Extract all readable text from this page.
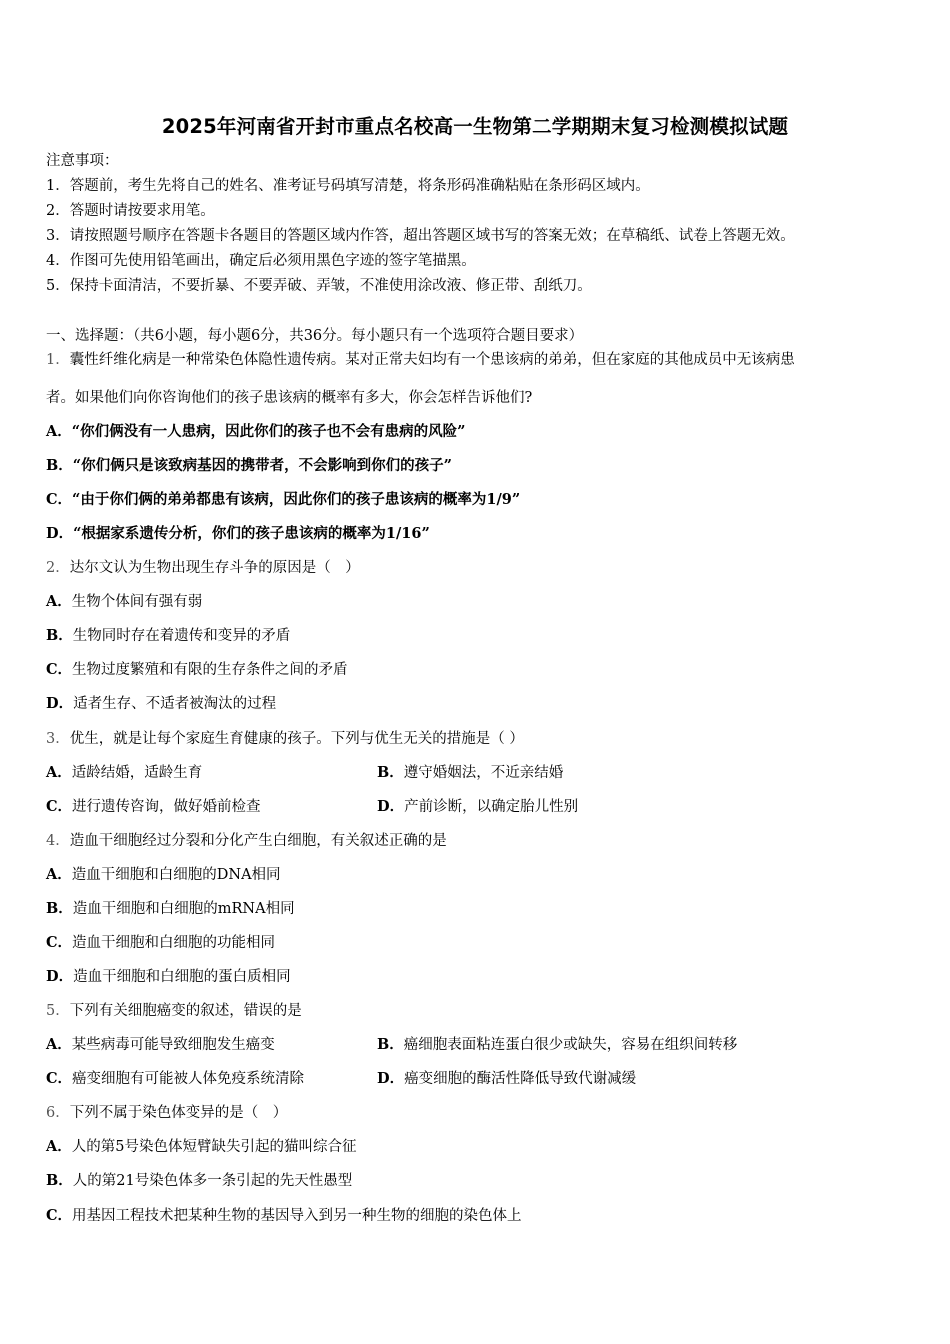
2025年河南省开封市重点名校高一生物第二学期期末复习检测模拟试题
注意事项：
1．答题前，考生先将自己的姓名、准考证号码填写清楚，将条形码准确粘贴在条形码区域内。
2．答题时请按要求用笔。
3．请按照题号顺序在答题卡各题目的答题区域内作答，超出答题区域书写的答案无效；在草稿纸、试卷上答题无效。
4．作图可先使用铅笔画出，确定后必须用黑色字迹的签字笔描黑。
5．保持卡面清洁，不要折暴、不要弄破、弄皱，不准使用涂改液、修正带、刮纸刀。
一、选择题：（共6小题，每小题6分，共36分。每小题只有一个选项符合题目要求）
1．囊性纤维化病是一种常染色体隐性遗传病。某对正常夫妇均有一个患该病的弟弟，但在家庭的其他成员中无该病患
者。如果他们向你咨询他们的孩子患该病的概率有多大，你会怎样告诉他们?
A．“你们俩没有一人患病，因此你们的孩子也不会有患病的风险”
B．“你们俩只是该致病基因的携带者，不会影响到你们的孩子”
C．“由于你们俩的弟弟都患有该病，因此你们的孩子患该病的概率为1/9”
D．“根据家系遗传分析，你们的孩子患该病的概率为1/16”
2．达尔文认为生物出现生存斗争的原因是（　）
A．生物个体间有强有弱
B．生物同时存在着遗传和变异的矛盾
C．生物过度繁殖和有限的生存条件之间的矛盾
D．适者生存、不适者被淘汰的过程
3．优生，就是让每个家庭生育健康的孩子。下列与优生无关的措施是（ ）
A．适龄结婚，适龄生育	B．遵守婚姻法，不近亲结婚
C．进行遗传咨询，做好婚前检查	D．产前诊断，以确定胎儿性别
4．造血干细胞经过分裂和分化产生白细胞，有关叙述正确的是
A．造血干细胞和白细胞的DNA相同
B．造血干细胞和白细胞的mRNA相同
C．造血干细胞和白细胞的功能相同
D．造血干细胞和白细胞的蛋白质相同
5．下列有关细胞癌变的叙述，错误的是
A．某些病毒可能导致细胞发生癌变	B．癌细胞表面粘连蛋白很少或缺失，容易在组织间转移
C．癌变细胞有可能被人体免疫系统清除	D．癌变细胞的酶活性降低导致代谢减缓
6．下列不属于染色体变异的是（　）
A．人的第5号染色体短臂缺失引起的猫叫综合征
B．人的第21号染色体多一条引起的先天性愚型
C．用基因工程技术把某种生物的基因导入到另一种生物的细胞的染色体上
